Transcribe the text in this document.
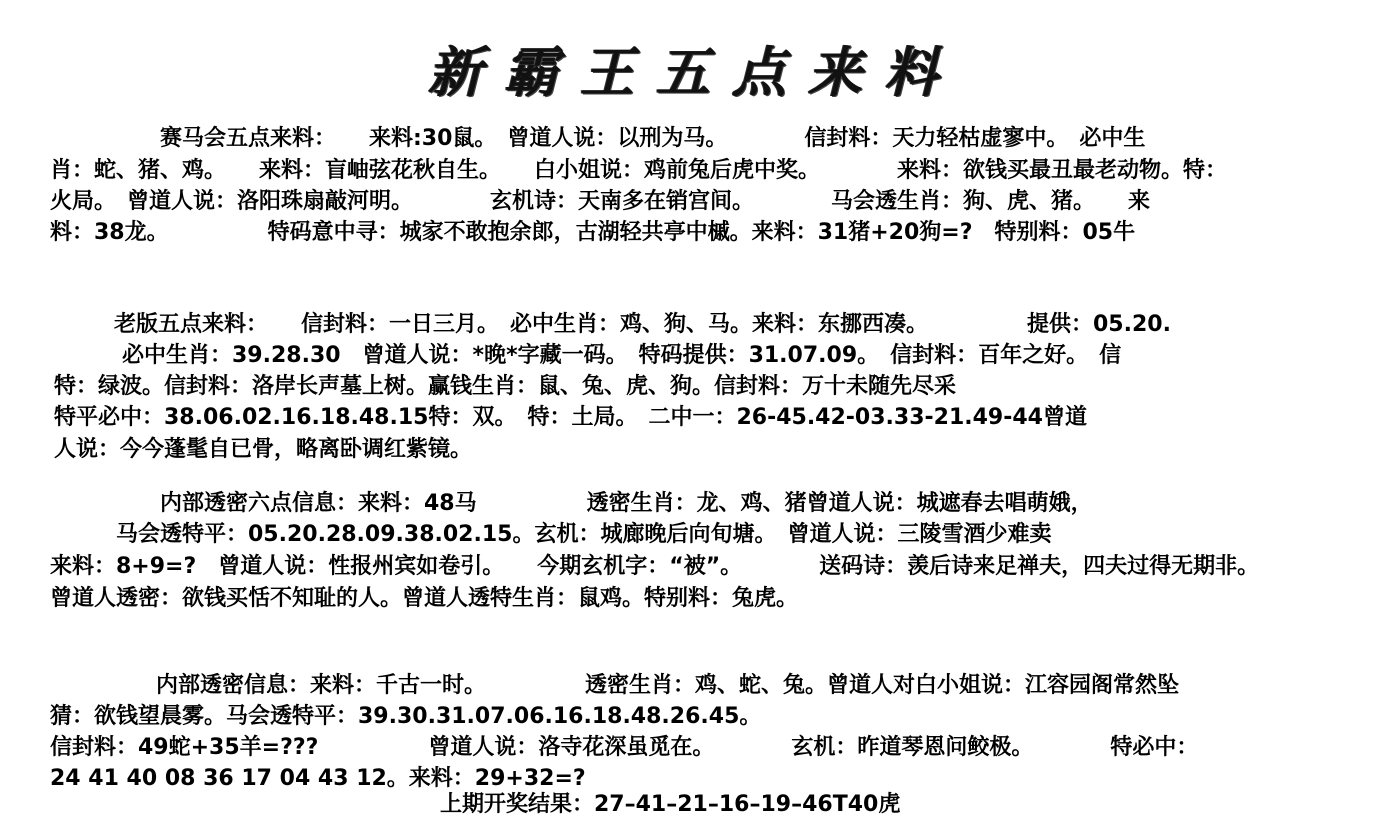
新霸王五点来料
赛马会五点来料：　　来料:30鼠。　曾道人说：以刑为马。　　　　信封料：天力轻枯虚寥中。　必中生
肖：蛇、猪、鸡。　　来料：盲岫弦花秋自生。　　白小姐说：鸡前兔后虎中奖。　　　　来料：欲钱买最丑最老动物。特：
火局。　曾道人说：洛阳珠扇敲河明。　　　　玄机诗：天南多在销宫间。　　　　马会透生肖：狗、虎、猪。　　来
料：38龙。　　　　　特码意中寻：城家不敢抱余郎，古湖轻共亭中槭。来料：31猪+20狗=?　特别料：05牛
老版五点来料：　　信封料：一日三月。　必中生肖：鸡、狗、马。来料：东挪西凑。　　　　　提供：05.20.
必中生肖：39.28.30　曾道人说：*晚*字藏一码。　特码提供：31.07.09。　信封料：百年之好。　信
特：绿波。信封料：洛岸长声墓上树。赢钱生肖：鼠、兔、虎、狗。信封料：万十未随先尽采
特平必中：38.06.02.16.18.48.15特：双。　特：土局。　二中一：26-45.42-03.33-21.49-44曾道
人说：今今蓬髦自已骨，略离卧调红紫镜。
内部透密六点信息：来料：48马　　　　　透密生肖：龙、鸡、猪曾道人说：城遮春去唱萌娥，
马会透特平：05.20.28.09.38.02.15。玄机：城廊晚后向旬塘。　曾道人说：三陵雪酒少难卖
来料：8+9=?　曾道人说：性报州宾如卷引。　　今期玄机字：“被”。　　　　送码诗：羡后诗来足禅夫，四夫过得无期非。
曾道人透密：欲钱买恬不知耻的人。曾道人透特生肖：鼠鸡。特别料：兔虎。
内部透密信息：来料：千古一时。　　　　　透密生肖：鸡、蛇、兔。曾道人对白小姐说：江容园阁常然坠
猜：欲钱望晨雾。马会透特平：39.30.31.07.06.16.18.48.26.45。
信封料：49蛇+35羊=???　　　　　曾道人说：洛寺花深虽觅在。　　　　玄机：昨道琴恩问鲛极。　　　　特必中：
24 41 40 08 36 17 04 43 12。来料：29+32=?
上期开奖结果：27–41–21–16–19–46T40虎
